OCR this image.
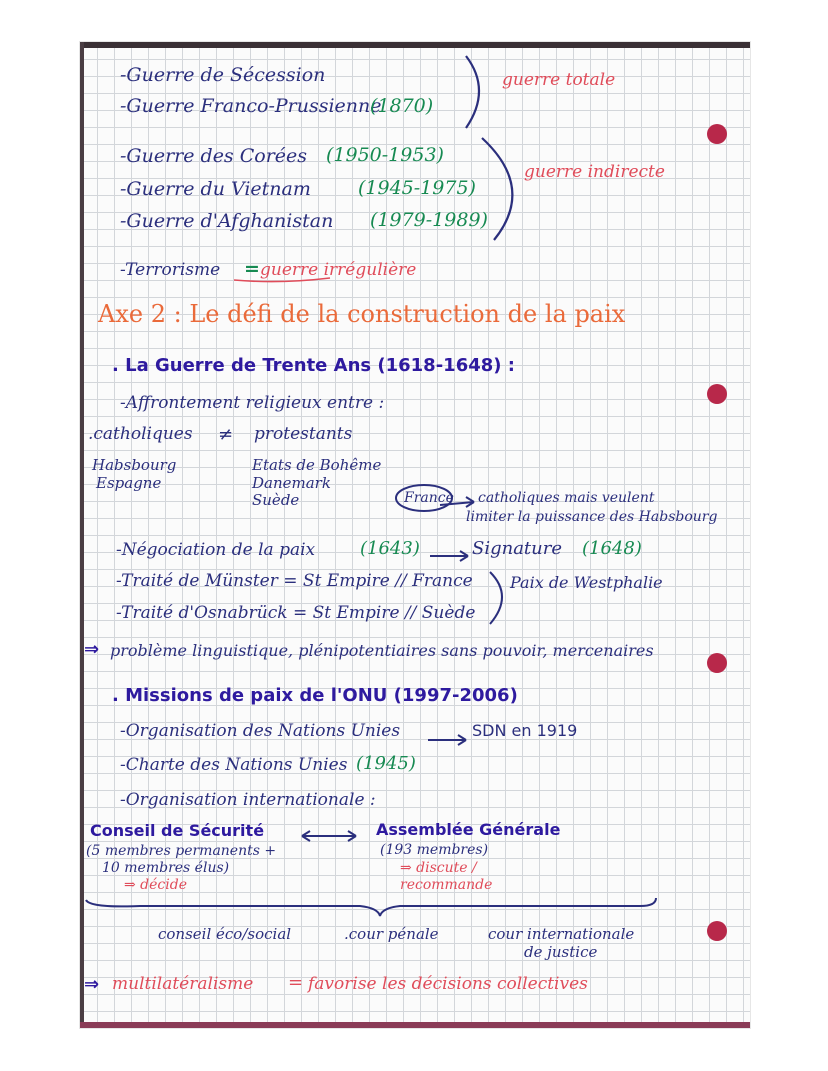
-Guerre de Sécession
-Guerre Franco-Prussienne
(1870)
guerre totale
-Guerre des Corées (1950-1953)
-Guerre du Vietnam (1945-1975)
-Guerre d'Afghanistan (1979-1989)
guerre indirecte
-Terrorisme = guerre irrégulière
Axe 2 : Le défi de la construction de la paix
. La Guerre de Trente Ans (1618-1648) :
-Affrontement religieux entre :
.catholiques ≠ protestants
Habsbourg
Espagne
Etats de Bohême
Danemark
Suède	France catholiques mais veulent
limiter la puissance des Habsbourg
-Négociation de la paix (1643)	Signature (1648)
-Traité de Münster = St Empire // France
-Traité d'Osnabrück = St Empire // Suède
Paix de Westphalie
⇒ problème linguistique, plénipotentiaires sans pouvoir, mercenaires
. Missions de paix de l'ONU (1997-2006)
-Organisation des Nations Unies	SDN en 1919
-Charte des Nations Unies (1945)
-Organisation internationale :
Conseil de Sécurité
(5 membres permanents +
10 membres élus)
⇒ décide
Assemblée Générale
(193 membres)
⇒ discute /
recommande
conseil éco/social	.cour pénale	cour internationale
de justice
⇒ multilatéralisme = favorise les décisions collectives
